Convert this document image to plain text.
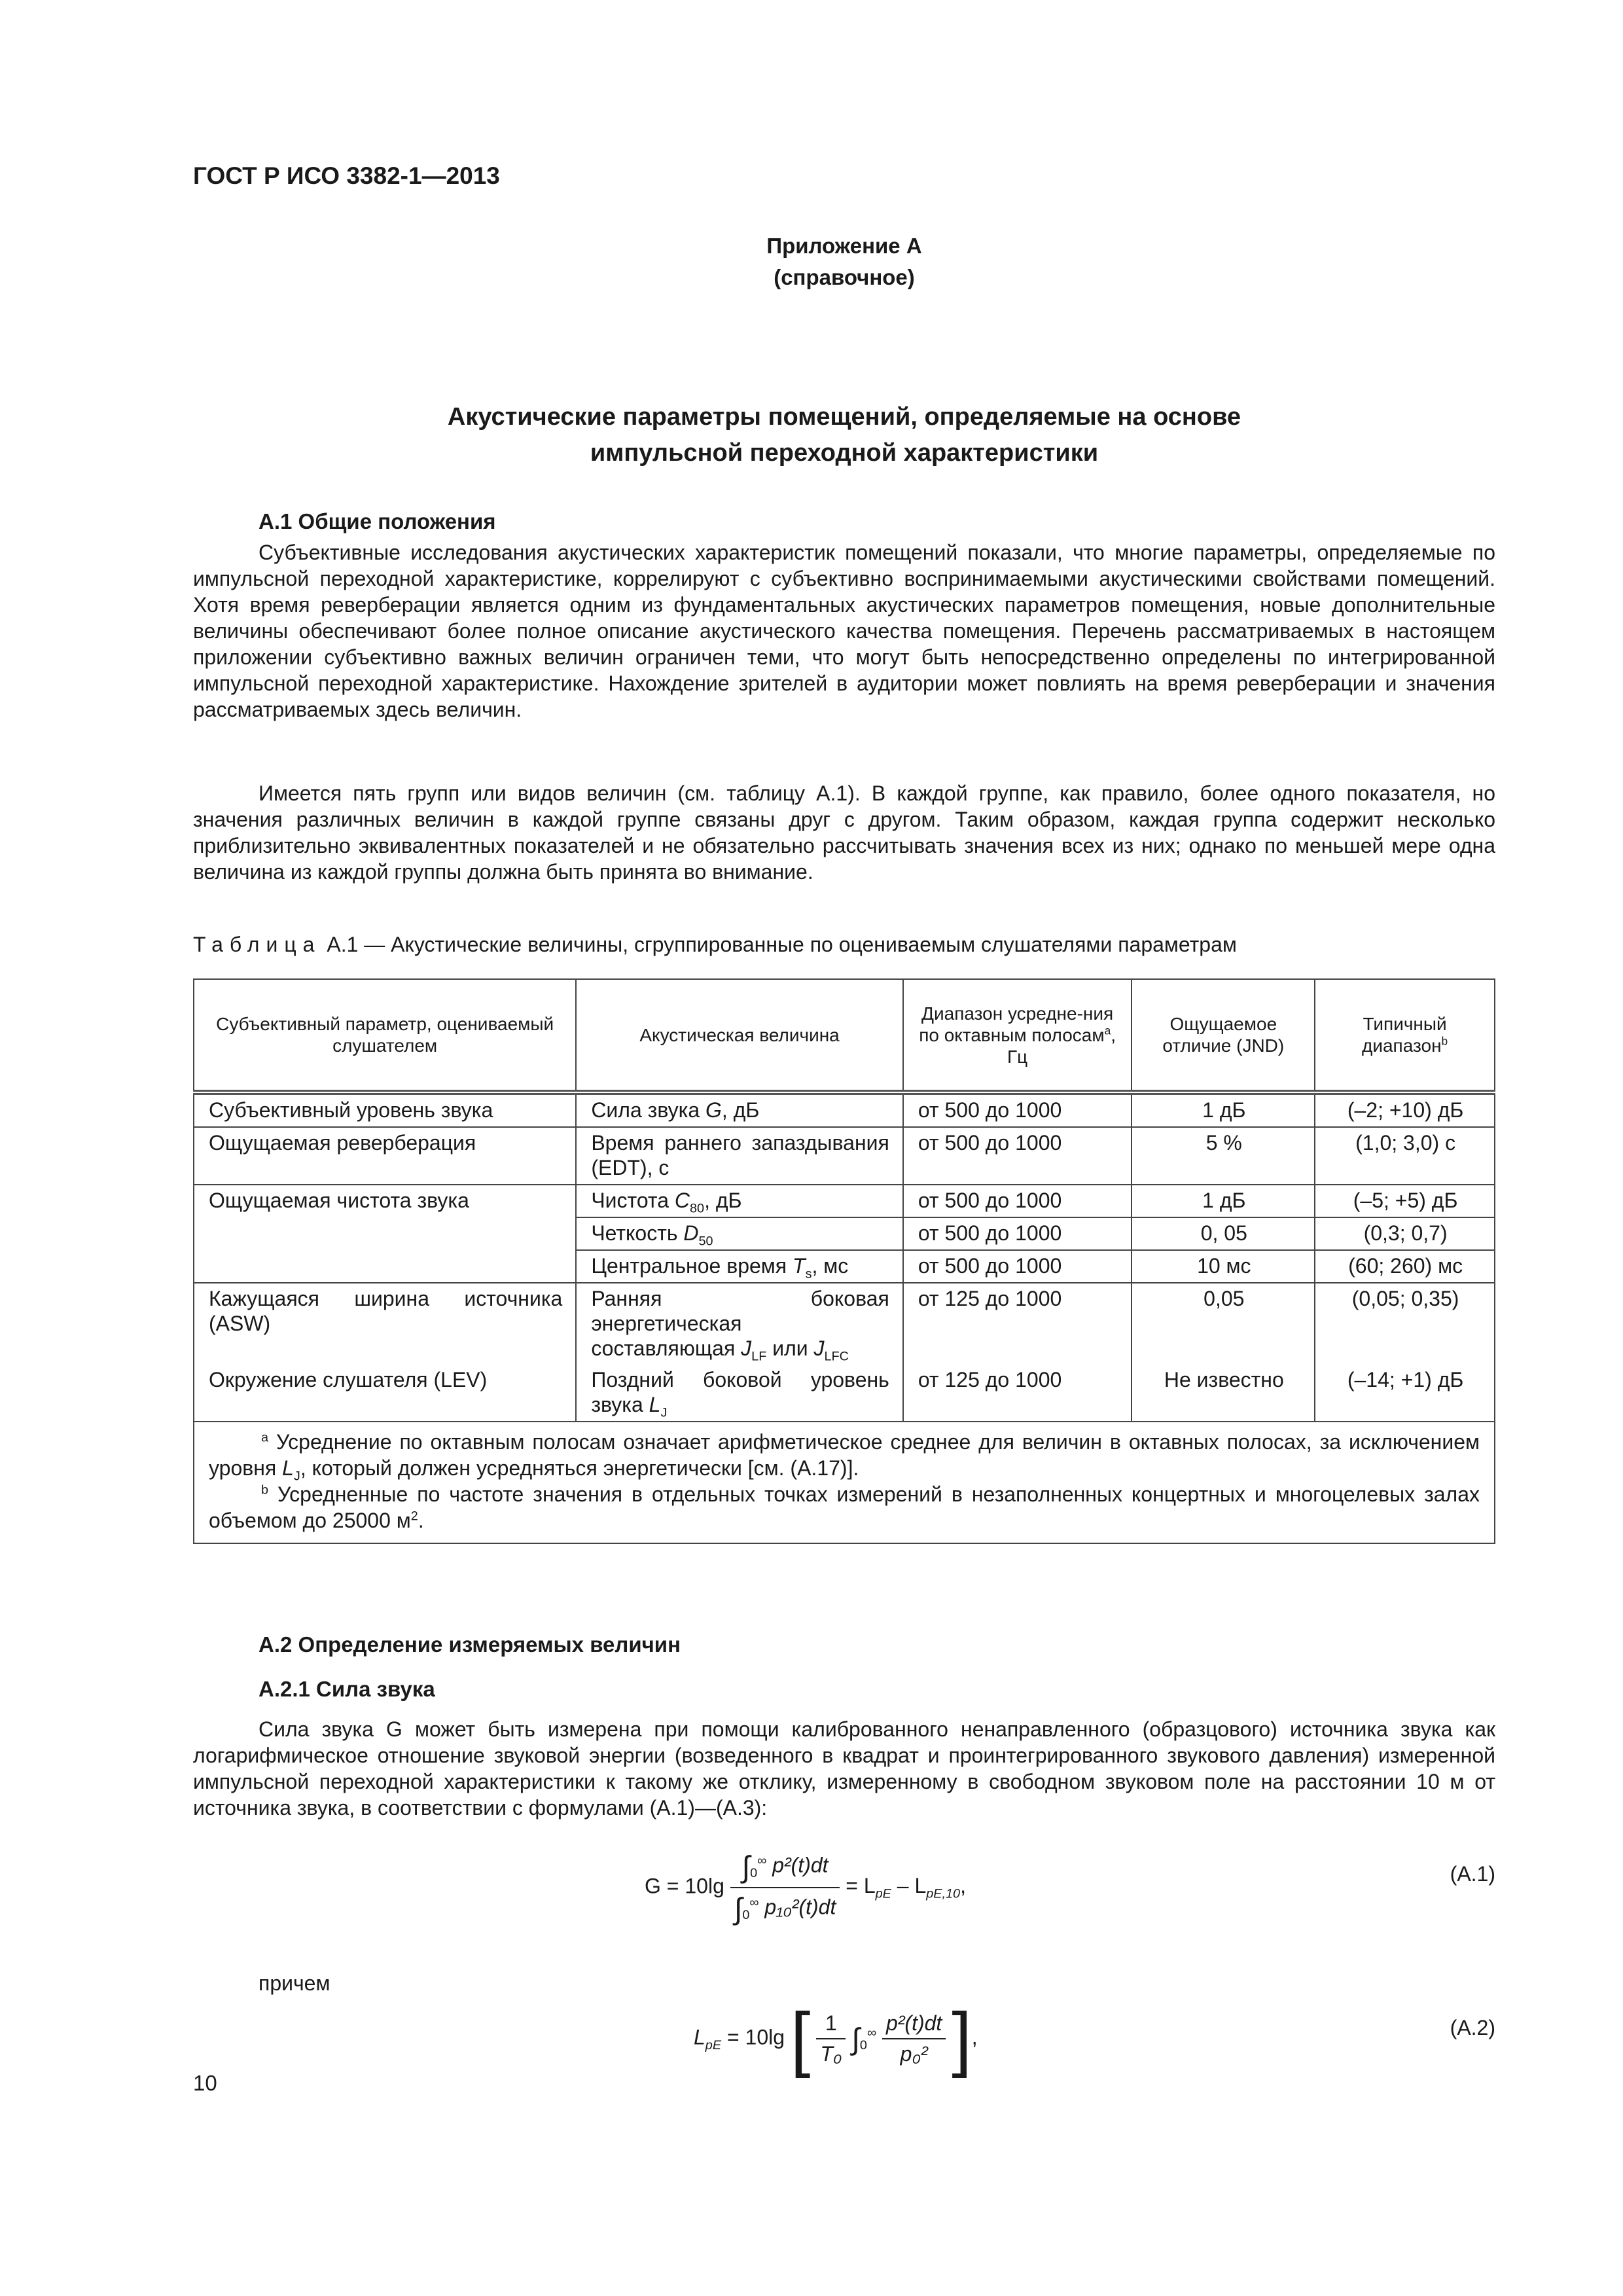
ГОСТ Р ИСО 3382-1—2013
Приложение А
(справочное)
Акустические параметры помещений, определяемые на основе
импульсной переходной характеристики
А.1 Общие положения

Субъективные исследования акустических характеристик помещений показали, что многие параметры, определяемые по импульсной переходной характеристике, коррелируют с субъективно воспринимаемыми акустическими свойствами помещений. Хотя время реверберации является одним из фундаментальных акустических параметров помещения, новые дополнительные величины обеспечивают более полное описание акустического качества помещения. Перечень рассматриваемых в настоящем приложении субъективно важных величин ограничен теми, что могут быть непосредственно определены по интегрированной импульсной переходной характеристике. Нахождение зрителей в аудитории может повлиять на время реверберации и значения рассматриваемых здесь величин.

Имеется пять групп или видов величин (см. таблицу А.1). В каждой группе, как правило, более одного показателя, но значения различных величин в каждой группе связаны друг с другом. Таким образом, каждая группа содержит несколько приблизительно эквивалентных показателей и не обязательно рассчитывать значения всех из них; однако по меньшей мере одна величина из каждой группы должна быть принята во внимание.

Таблица А.1 — Акустические величины, сгруппированные по оцениваемым слушателями параметрам
Субъективный параметр, оцениваемый слушателем	Акустическая величина	Диапазон усредне-ния по октавным полосам$^a$, Гц	Ощущаемое отличие (JND)	Типичный диапазон$^b$
Субъективный уровень звука	Сила звука G, дБ	от 500 до 1000	1 дБ	(–2; +10) дБ
Ощущаемая реверберация	Время раннего запаздывания (EDT), с	от 500 до 1000	5 %	(1,0; 3,0) с
Ощущаемая чистота звука	Чистота $C_{80}$, дБ	от 500 до 1000	1 дБ	(–5; +5) дБ
	Четкость $D_{50}$	от 500 до 1000	0, 05	(0,3; 0,7)
	Центральное время $T_s$, мс	от 500 до 1000	10 мс	(60; 260) мс
Кажущаяся ширина источника (ASW)	Ранняя боковая энергетическая составляющая $J_{LF}$ или $J_{LFC}$	от 125 до 1000	0,05	(0,05; 0,35)
Окружение слушателя (LEV)	Поздний боковой уровень звука $L_J$	от 125 до 1000	Не известно	(–14; +1) дБ

$^a$ Усреднение по октавным полосам означает арифметическое среднее для величин в октавных полосах, за исключением уровня $L_J$, который должен усредняться энергетически [см. (А.17)].

$^b$ Усредненные по частоте значения в отдельных точках измерений в незаполненных концертных и многоцелевых залах объемом до 25000 $м^2$.				

А.2 Определение измеряемых величин
А.2.1 Сила звука

Сила звука G может быть измерена при помощи калиброванного ненаправленного (образцового) источника звука как логарифмическое отношение звуковой энергии (возведенного в квадрат и проинтегрированного звукового давления) измеренной импульсной переходной характеристики к такому же отклику, измеренному в свободном звуковом поле на расстоянии 10 м от источника звука, в соответствии с формулами (А.1)—(А.3):

$G = 10\lg \frac{\int_0^\infty p^2(t)dt}{\int_0^\infty p_{10}^2(t)dt} = L_{pE} - L_{pE,10}$,
(А.1)
причем
$L_{pE} = 10\lg$ [ $\frac{1}{\text{T₀}} \int_0^\infty \frac{\text{p²(t)dt}}{\text{p₀²}}$ ],	(А.2)
10
